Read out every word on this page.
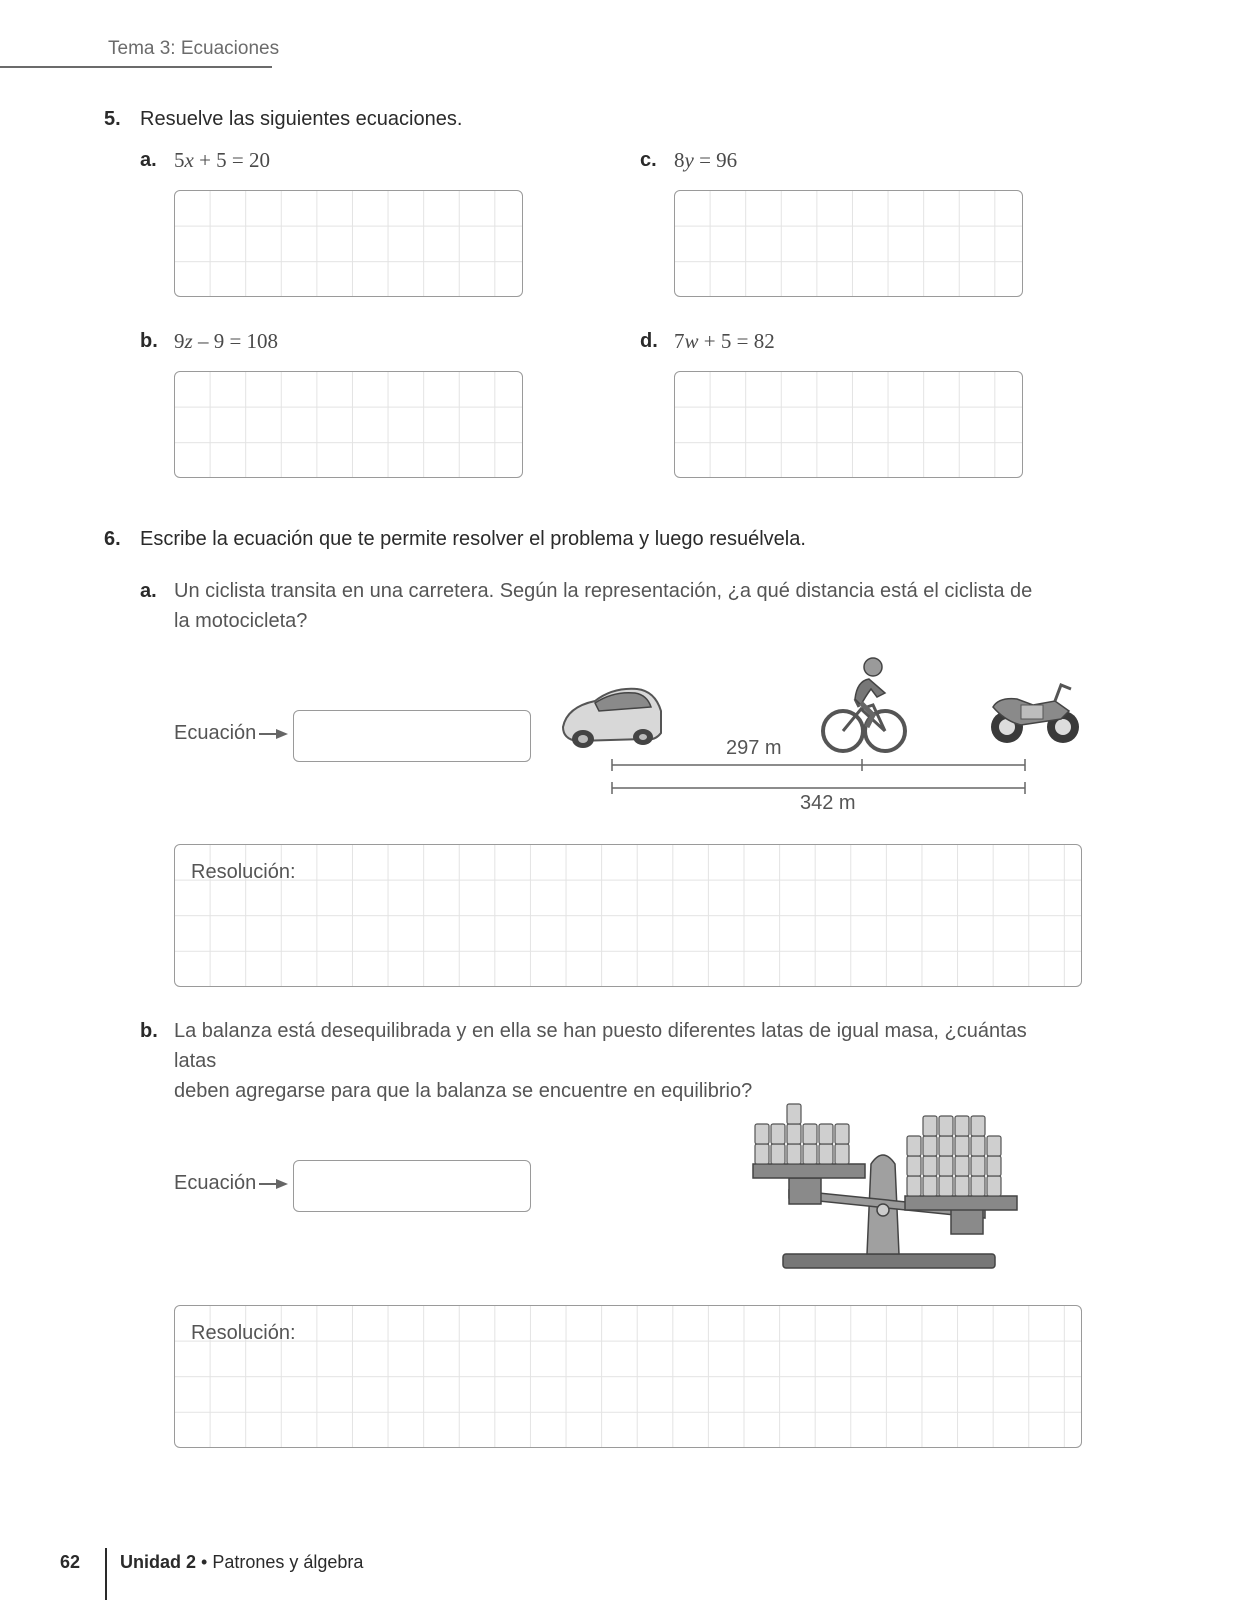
Tema 3: Ecuaciones
5. Resuelve las siguientes ecuaciones.
a. 5x + 5 = 20	c. 8y = 96
b. 9z – 9 = 108	d. 7w + 5 = 82
6. Escribe la ecuación que te permite resolver el problema y luego resuélvela.
a. Un ciclista transita en una carretera. Según la representación, ¿a qué distancia está el ciclista de
la motocicleta?
Ecuación
297 m
342 m
Resolución:
b. La balanza está desequilibrada y en ella se han puesto diferentes latas de igual masa, ¿cuántas latas
deben agregarse para que la balanza se encuentre en equilibrio?
Ecuación
Resolución:
62 Unidad 2 • Patrones y álgebra
